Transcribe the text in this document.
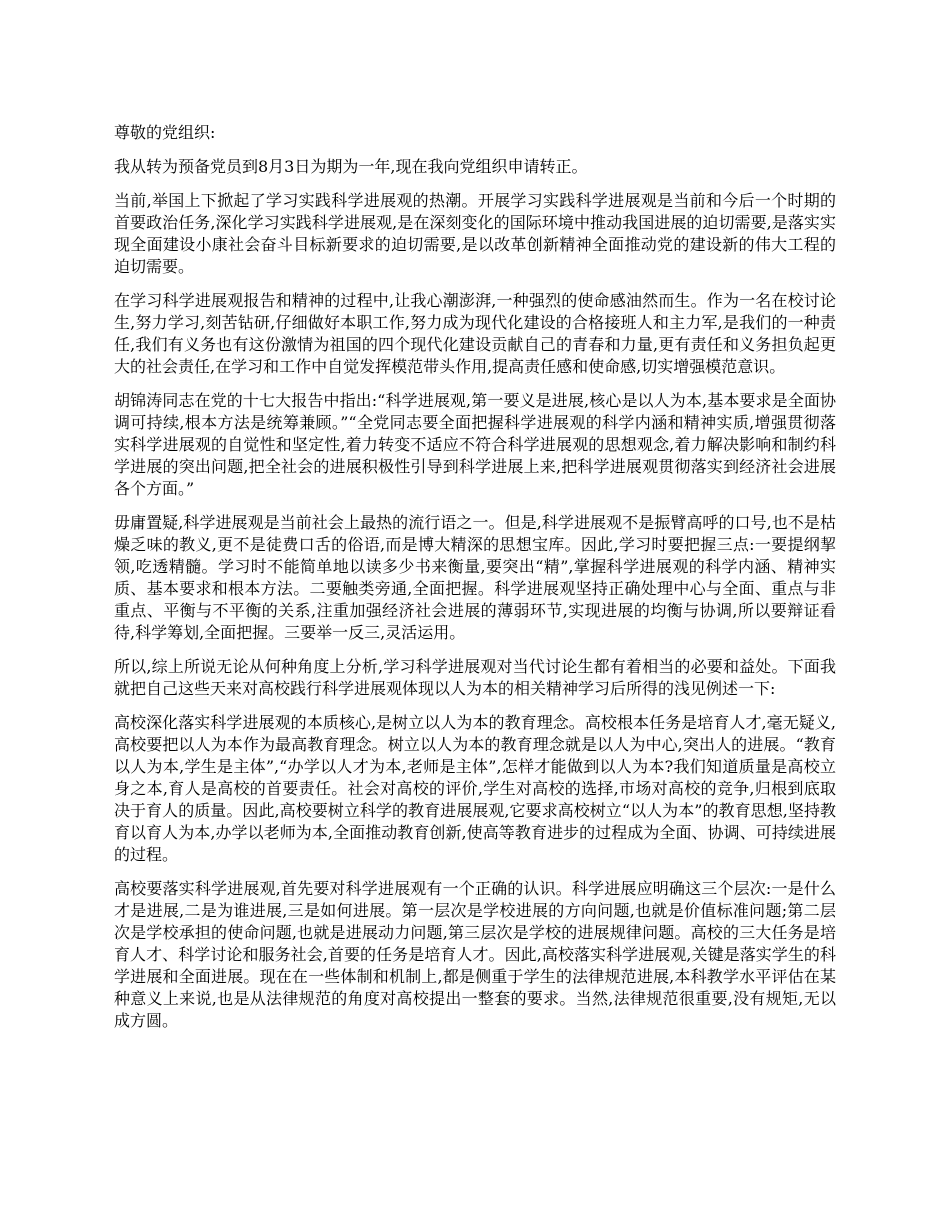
尊敬的党组织:

我从转为预备党员到8月3日为期为一年,现在我向党组织申请转正。

当前,举国上下掀起了学习实践科学进展观的热潮。开展学习实践科学进展观是当前和今后一个时期的首要政治任务,深化学习实践科学进展观,是在深刻变化的国际环境中推动我国进展的迫切需要,是落实实现全面建设小康社会奋斗目标新要求的迫切需要,是以改革创新精神全面推动党的建设新的伟大工程的迫切需要。

在学习科学进展观报告和精神的过程中,让我心潮澎湃,一种强烈的使命感油然而生。作为一名在校讨论生,努力学习,刻苦钻研,仔细做好本职工作,努力成为现代化建设的合格接班人和主力军,是我们的一种责任,我们有义务也有这份激情为祖国的四个现代化建设贡献自己的青春和力量,更有责任和义务担负起更大的社会责任,在学习和工作中自觉发挥模范带头作用,提高责任感和使命感,切实增强模范意识。

胡锦涛同志在党的十七大报告中指出:“科学进展观,第一要义是进展,核心是以人为本,基本要求是全面协调可持续,根本方法是统筹兼顾。”“全党同志要全面把握科学进展观的科学内涵和精神实质,增强贯彻落实科学进展观的自觉性和坚定性,着力转变不适应不符合科学进展观的思想观念,着力解决影响和制约科学进展的突出问题,把全社会的进展积极性引导到科学进展上来,把科学进展观贯彻落实到经济社会进展各个方面。”

毋庸置疑,科学进展观是当前社会上最热的流行语之一。但是,科学进展观不是振臂高呼的口号,也不是枯燥乏味的教义,更不是徒费口舌的俗语,而是博大精深的思想宝库。因此,学习时要把握三点:一要提纲挈领,吃透精髓。学习时不能简单地以读多少书来衡量,要突出“精”,掌握科学进展观的科学内涵、精神实质、基本要求和根本方法。二要触类旁通,全面把握。科学进展观坚持正确处理中心与全面、重点与非重点、平衡与不平衡的关系,注重加强经济社会进展的薄弱环节,实现进展的均衡与协调,所以要辩证看待,科学筹划,全面把握。三要举一反三,灵活运用。

所以,综上所说无论从何种角度上分析,学习科学进展观对当代讨论生都有着相当的必要和益处。下面我就把自己这些天来对高校践行科学进展观体现以人为本的相关精神学习后所得的浅见例述一下:

高校深化落实科学进展观的本质核心,是树立以人为本的教育理念。高校根本任务是培育人才,毫无疑义,高校要把以人为本作为最高教育理念。树立以人为本的教育理念就是以人为中心,突出人的进展。“教育以人为本,学生是主体”,“办学以人才为本,老师是主体”,怎样才能做到以人为本?我们知道质量是高校立身之本,育人是高校的首要责任。社会对高校的评价,学生对高校的选择,市场对高校的竞争,归根到底取决于育人的质量。因此,高校要树立科学的教育进展展观,它要求高校树立“以人为本”的教育思想,坚持教育以育人为本,办学以老师为本,全面推动教育创新,使高等教育进步的过程成为全面、协调、可持续进展的过程。

高校要落实科学进展观,首先要对科学进展观有一个正确的认识。科学进展应明确这三个层次:一是什么才是进展,二是为谁进展,三是如何进展。第一层次是学校进展的方向问题,也就是价值标准问题;第二层次是学校承担的使命问题,也就是进展动力问题,第三层次是学校的进展规律问题。高校的三大任务是培育人才、科学讨论和服务社会,首要的任务是培育人才。因此,高校落实科学进展观,关键是落实学生的科学进展和全面进展。现在在一些体制和机制上,都是侧重于学生的法律规范进展,本科教学水平评估在某种意义上来说,也是从法律规范的角度对高校提出一整套的要求。当然,法律规范很重要,没有规矩,无以成方圆。
